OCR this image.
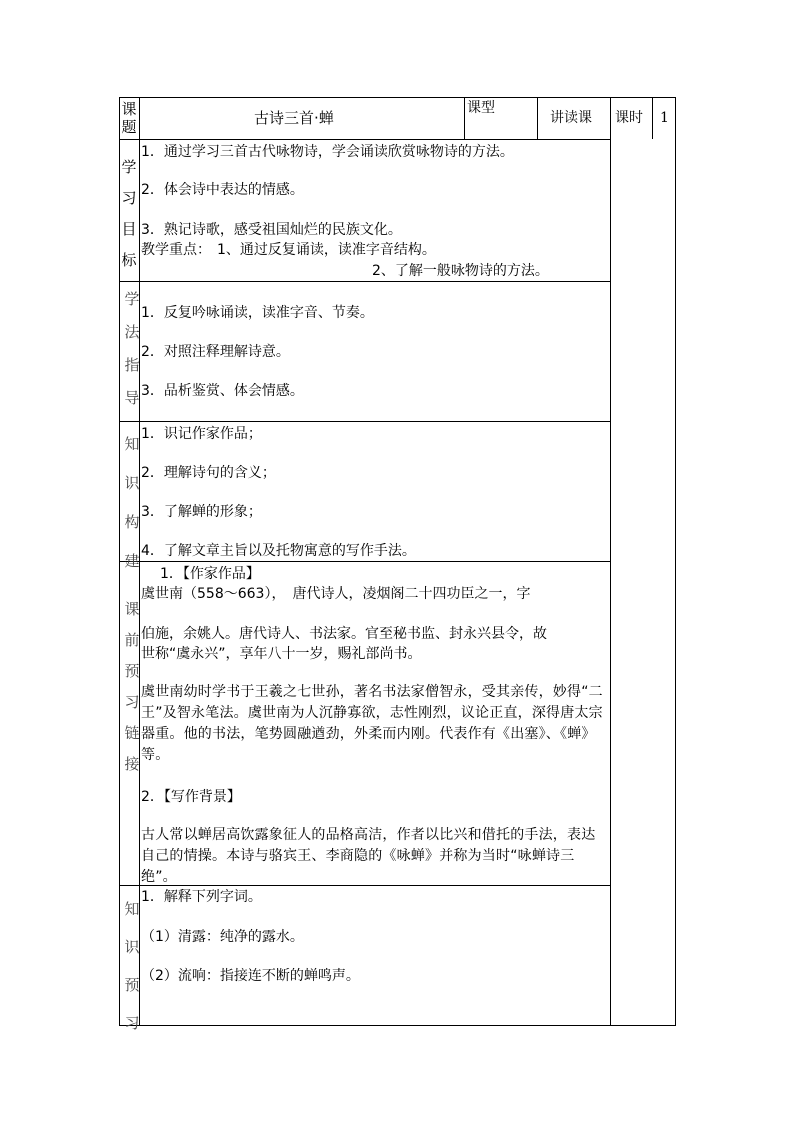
课题	古诗三首·蝉
课型
讲读课 课时 1
学习目标
1．通过学习三首古代咏物诗，学会诵读欣赏咏物诗的方法。
2．体会诗中表达的情感。
3．熟记诗歌，感受祖国灿烂的民族文化。
教学重点： 1、通过反复诵读，读准字音结构。
2、了解一般咏物诗的方法。
学法指导
1．反复吟咏诵读，读准字音、节奏。
2．对照注释理解诗意。
3．品析鉴赏、体会情感。
知识构建
1．识记作家作品；
2．理解诗句的含义；
3．了解蝉的形象；
4．了解文章主旨以及托物寓意的写作手法。
课前预习链接
1．【作家作品】
虞世南（558～663），　唐代诗人，凌烟阁二十四功臣之一，字
伯施，余姚人。唐代诗人、书法家。官至秘书监、封永兴县令，故
世称“虞永兴”，享年八十一岁，赐礼部尚书。
虞世南幼时学书于王羲之七世孙，著名书法家僧智永，受其亲传，妙得“二王”及智永笔法。虞世南为人沉静寡欲，志性刚烈，议论正直，深得唐太宗器重。他的书法，笔势圆融遒劲，外柔而内刚。代表作有《出塞》、《蝉》等。
2．【写作背景】
古人常以蝉居高饮露象征人的品格高洁，作者以比兴和借托的手法，表达自己的情操。本诗与骆宾王、李商隐的《咏蝉》并称为当时“咏蝉诗三绝”。
知识预习
1．解释下列字词。
（1）清露：纯净的露水。
（2）流响：指接连不断的蝉鸣声。
